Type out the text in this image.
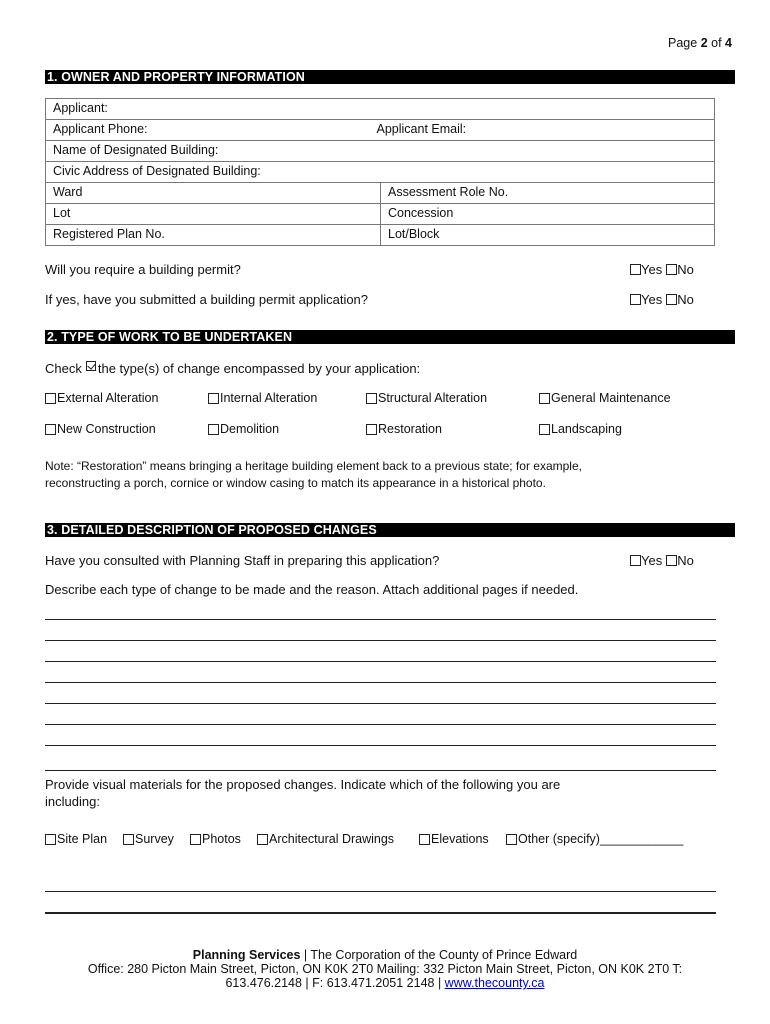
Page 2 of 4
1. OWNER AND PROPERTY INFORMATION
Applicant:	
Applicant Phone: Applicant Email:	

Name of Designated Building:	
Civic Address of Designated Building:	
Ward	Assessment Role No.
Lot	Concession
Registered Plan No.	Lot/Block
Will you require a building permit?	Yes No
If yes, have you submitted a building permit application?	Yes No
2. TYPE OF WORK TO BE UNDERTAKEN
Check the type(s) of change encompassed by your application:
External Alteration	Internal Alteration	Structural Alteration	General Maintenance
New Construction	Demolition	Restoration	Landscaping
Note: “Restoration” means bringing a heritage building element back to a previous state; for example,
reconstructing a porch, cornice or window casing to match its appearance in a historical photo.
3. DETAILED DESCRIPTION OF PROPOSED CHANGES
Have you consulted with Planning Staff in preparing this application?	Yes No
Describe each type of change to be made and the reason. Attach additional pages if needed.
Provide visual materials for the proposed changes. Indicate which of the following you are
including:
Site Plan Survey Photos Architectural Drawings	Elevations Other (specify)____________
Planning Services | The Corporation of the County of Prince Edward
Office: 280 Picton Main Street, Picton, ON K0K 2T0 Mailing: 332 Picton Main Street, Picton, ON K0K 2T0 T:
613.476.2148 | F: 613.471.2051 2148 | www.thecounty.ca
